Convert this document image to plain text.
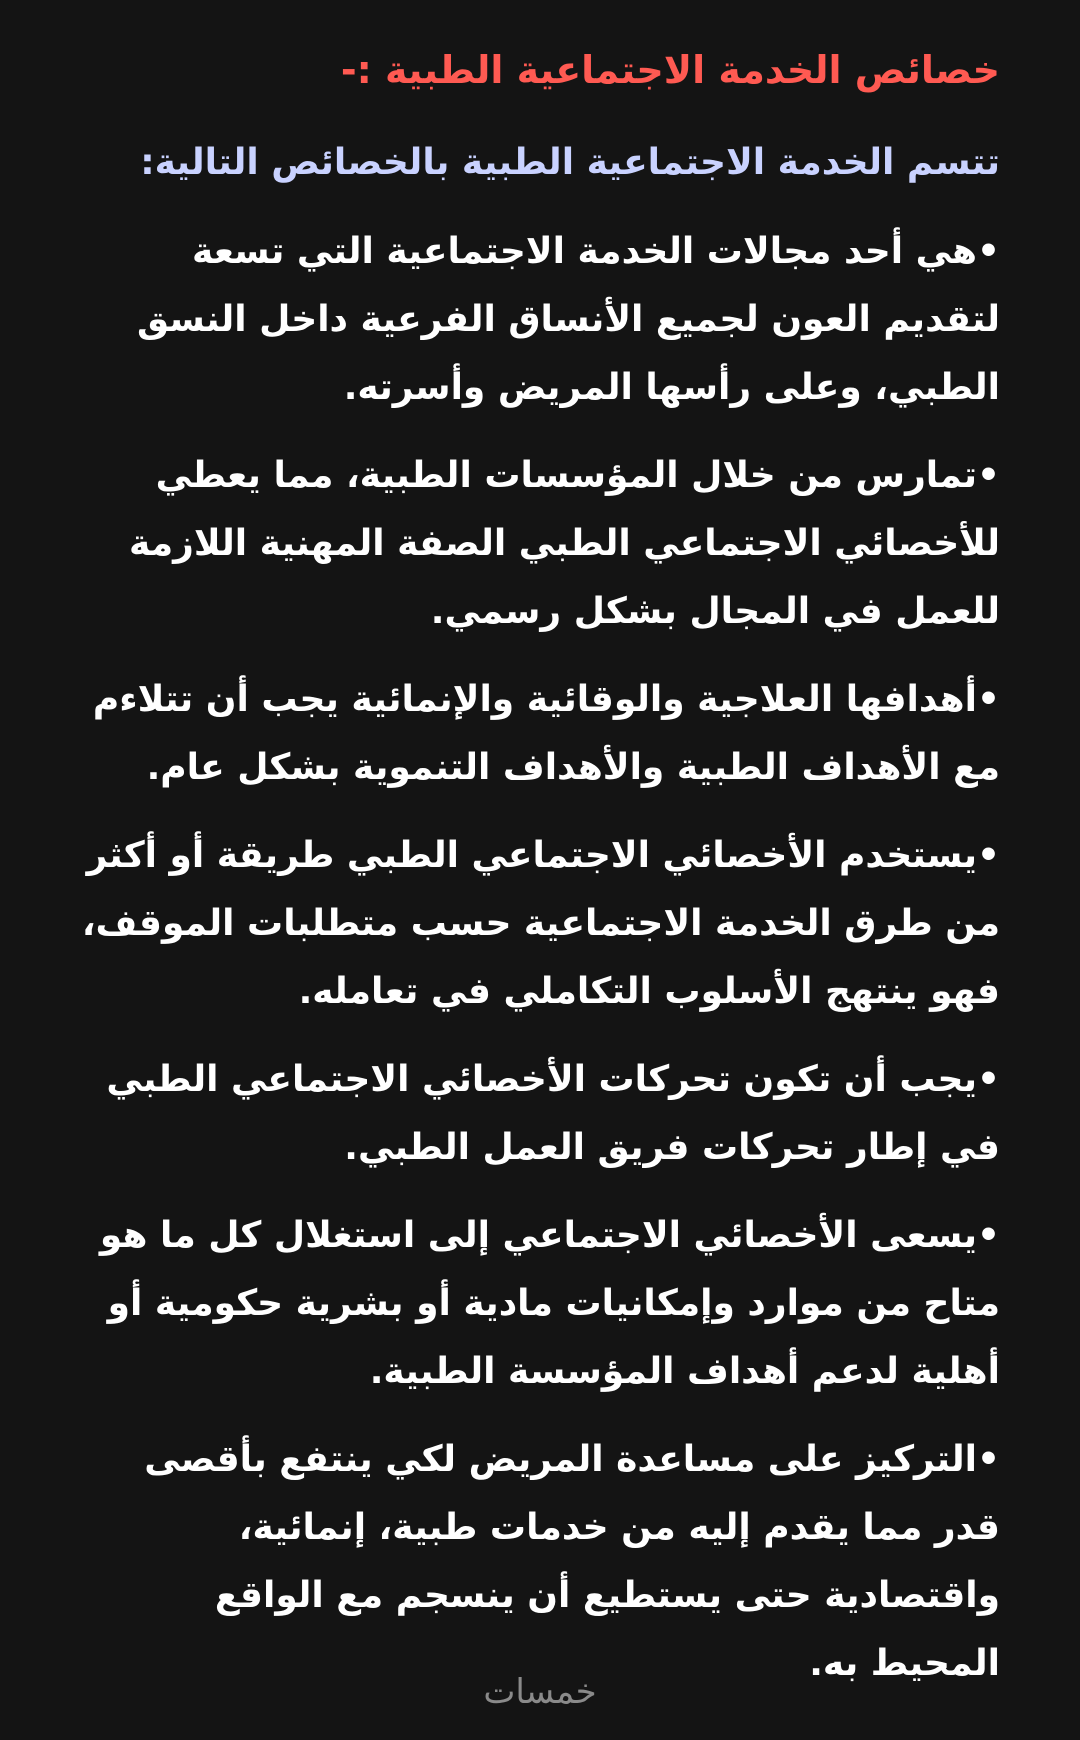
خصائص الخدمة الاجتماعية الطبية :-
تتسم الخدمة الاجتماعية الطبية بالخصائص التالية:
•هي أحد مجالات الخدمة الاجتماعية التي تسعة لتقديم العون لجميع الأنساق الفرعية داخل النسق الطبي، وعلى رأسها المريض وأسرته.
•تمارس من خلال المؤسسات الطبية، مما يعطي للأخصائي الاجتماعي الطبي الصفة المهنية اللازمة للعمل في المجال بشكل رسمي.
•أهدافها العلاجية والوقائية والإنمائية يجب أن تتلاءم مع الأهداف الطبية والأهداف التنموية بشكل عام.
•يستخدم الأخصائي الاجتماعي الطبي طريقة أو أكثر من طرق الخدمة الاجتماعية حسب متطلبات الموقف، فهو ينتهج الأسلوب التكاملي في تعامله.
•يجب أن تكون تحركات الأخصائي الاجتماعي الطبي في إطار تحركات فريق العمل الطبي.
•يسعى الأخصائي الاجتماعي إلى استغلال كل ما هو متاح من موارد وإمكانيات مادية أو بشرية حكومية أو أهلية لدعم أهداف المؤسسة الطبية.
•التركيز على مساعدة المريض لكي ينتفع بأقصى قدر مما يقدم إليه من خدمات طبية، إنمائية، واقتصادية حتى يستطيع أن ينسجم مع الواقع المحيط به.
خمسات
